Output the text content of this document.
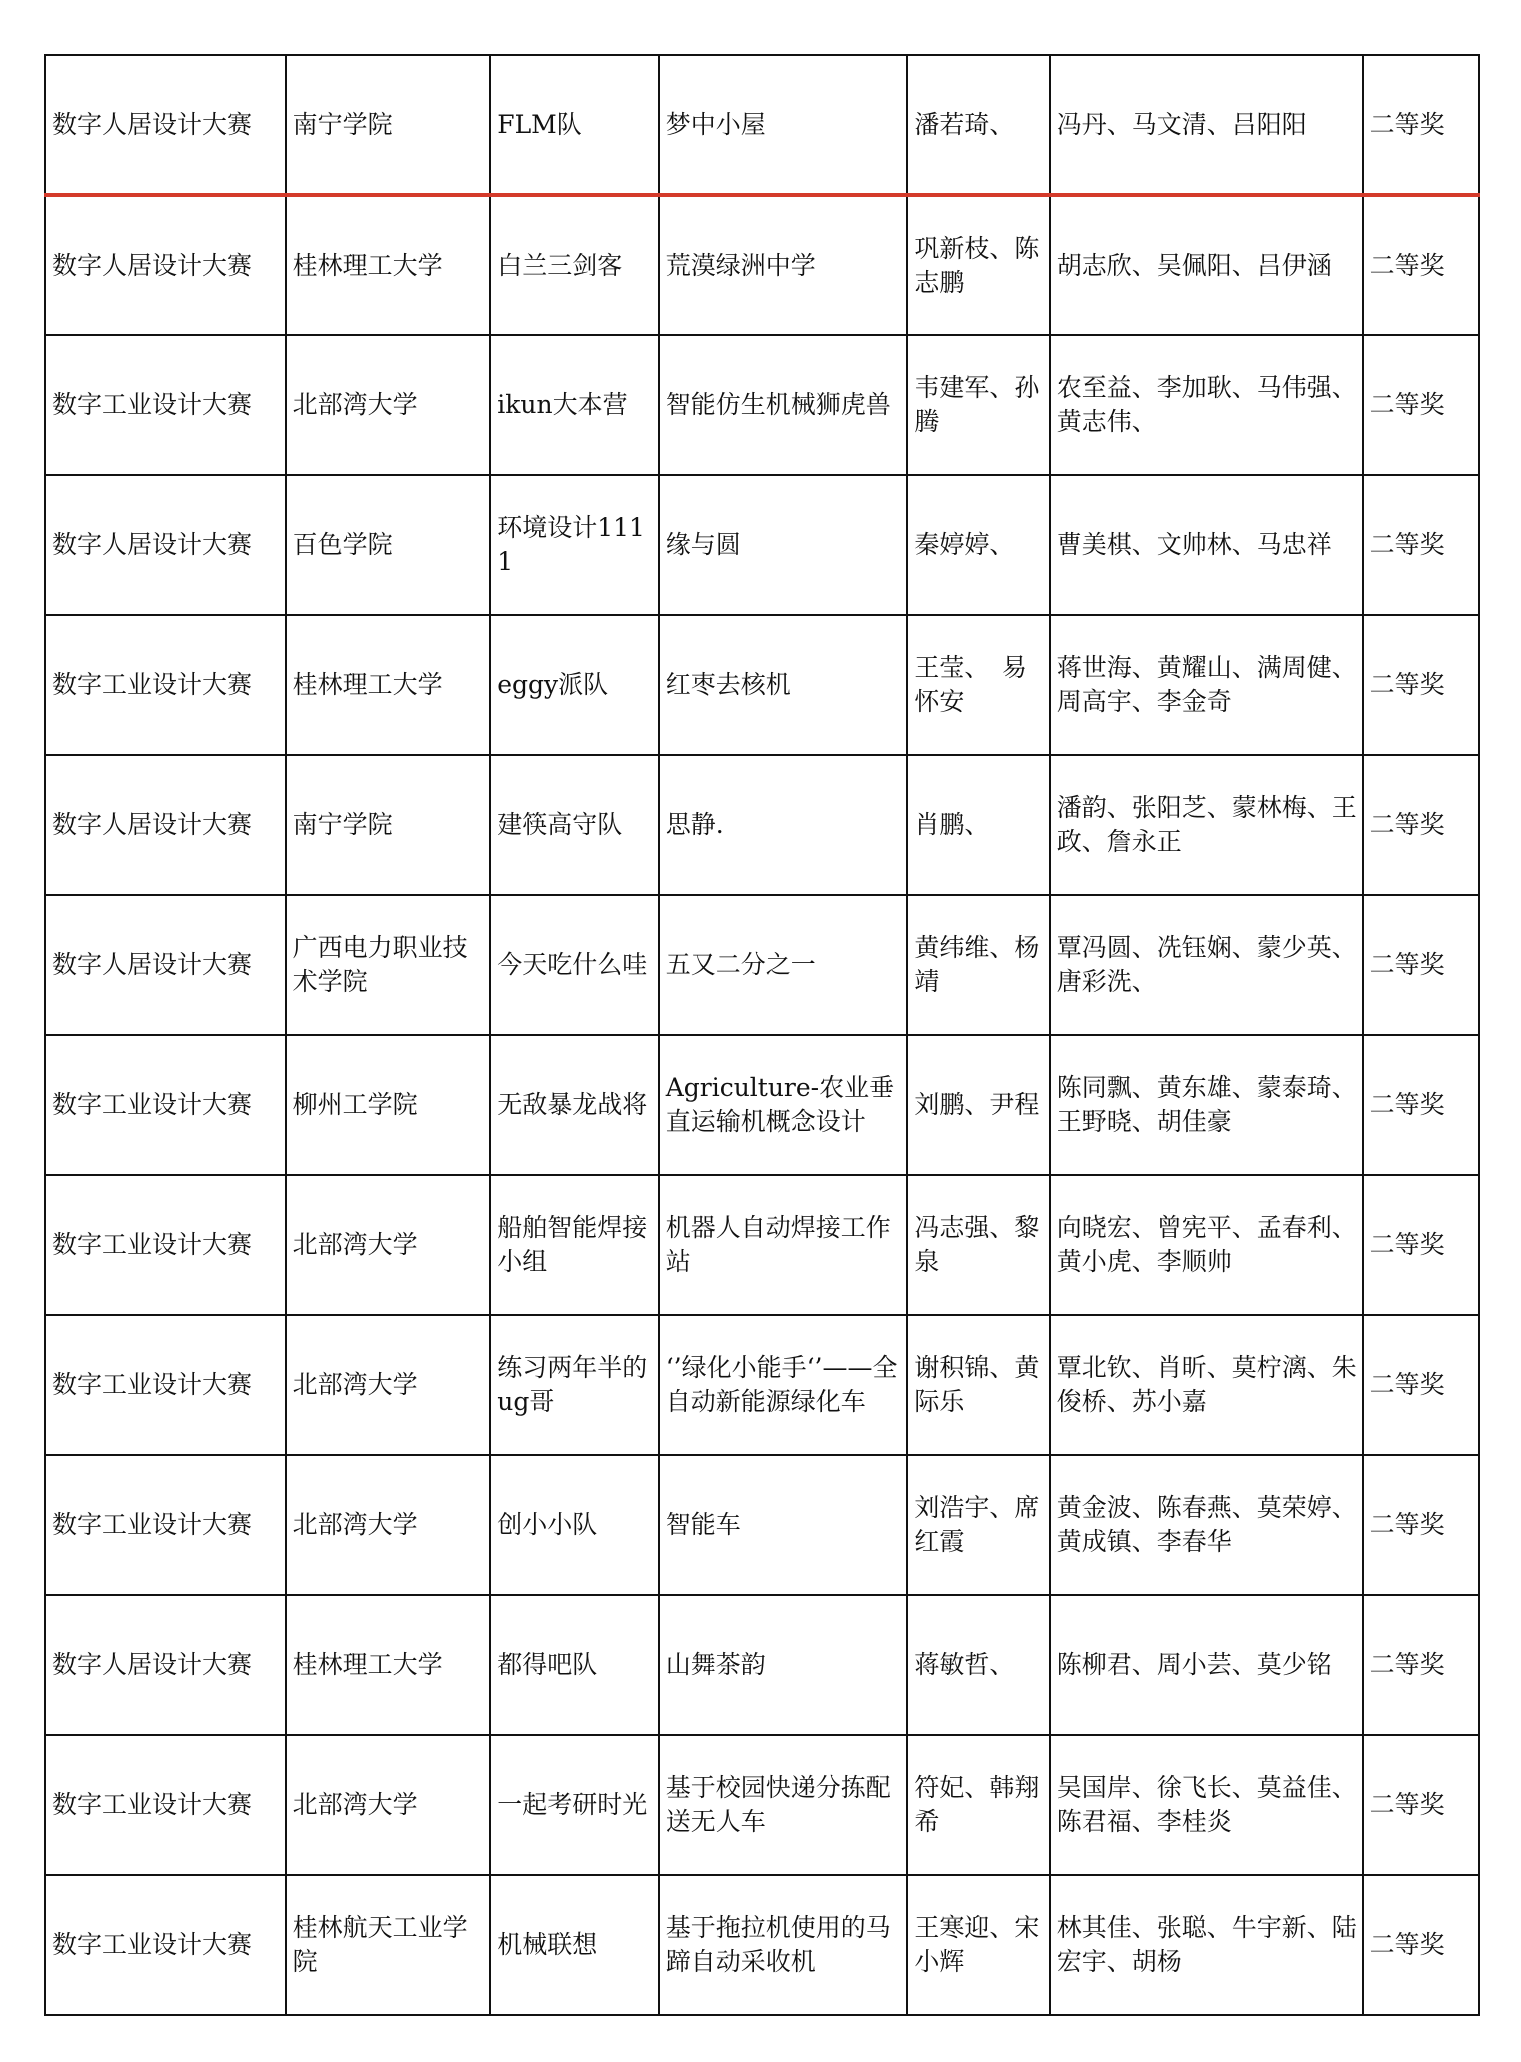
数字人居设计大赛	南宁学院	FLM队	梦中小屋	潘若琦、	冯丹、马文清、吕阳阳	二等奖
数字人居设计大赛	桂林理工大学	白兰三剑客	荒漠绿洲中学	巩新枝、陈志鹏	胡志欣、吴佩阳、吕伊涵	二等奖
数字工业设计大赛	北部湾大学	ikun大本营	智能仿生机械狮虎兽	韦建军、孙腾	农至益、李加耿、马伟强、黄志伟、	二等奖
数字人居设计大赛	百色学院	环境设计1111	缘与圆	秦婷婷、	曹美棋、文帅林、马忠祥	二等奖
数字工业设计大赛	桂林理工大学	eggy派队	红枣去核机	王莹、　易怀安	蒋世海、黄耀山、满周健、周高宇、李金奇	二等奖
数字人居设计大赛	南宁学院	建筷高守队	思静.	肖鹏、	潘韵、张阳芝、蒙林梅、王政、詹永正	二等奖
数字人居设计大赛	广西电力职业技术学院	今天吃什么哇	五又二分之一	黄纬维、杨靖	覃冯圆、冼钰娴、蒙少英、唐彩洗、	二等奖
数字工业设计大赛	柳州工学院	无敌暴龙战将	Agriculture-农业垂直运输机概念设计	刘鹏、尹程	陈同飘、黄东雄、蒙泰琦、王野晓、胡佳豪	二等奖
数字工业设计大赛	北部湾大学	船舶智能焊接小组	机器人自动焊接工作站	冯志强、黎泉	向晓宏、曾宪平、孟春利、黄小虎、李顺帅	二等奖
数字工业设计大赛	北部湾大学	练习两年半的ug哥	‘’绿化小能手‘’——全自动新能源绿化车	谢积锦、黄际乐	覃北钦、肖昕、莫柠漓、朱俊桥、苏小嘉	二等奖
数字工业设计大赛	北部湾大学	创小小队	智能车	刘浩宇、席红霞	黄金波、陈春燕、莫荣婷、黄成镇、李春华	二等奖
数字人居设计大赛	桂林理工大学	都得吧队	山舞茶韵	蒋敏哲、	陈柳君、周小芸、莫少铭	二等奖
数字工业设计大赛	北部湾大学	一起考研时光	基于校园快递分拣配送无人车	符妃、韩翔希	吴国岸、徐飞长、莫益佳、陈君福、李桂炎	二等奖
数字工业设计大赛	桂林航天工业学院	机械联想	基于拖拉机使用的马蹄自动采收机	王寒迎、宋小辉	林其佳、张聪、牛宇新、陆宏宇、胡杨	二等奖
